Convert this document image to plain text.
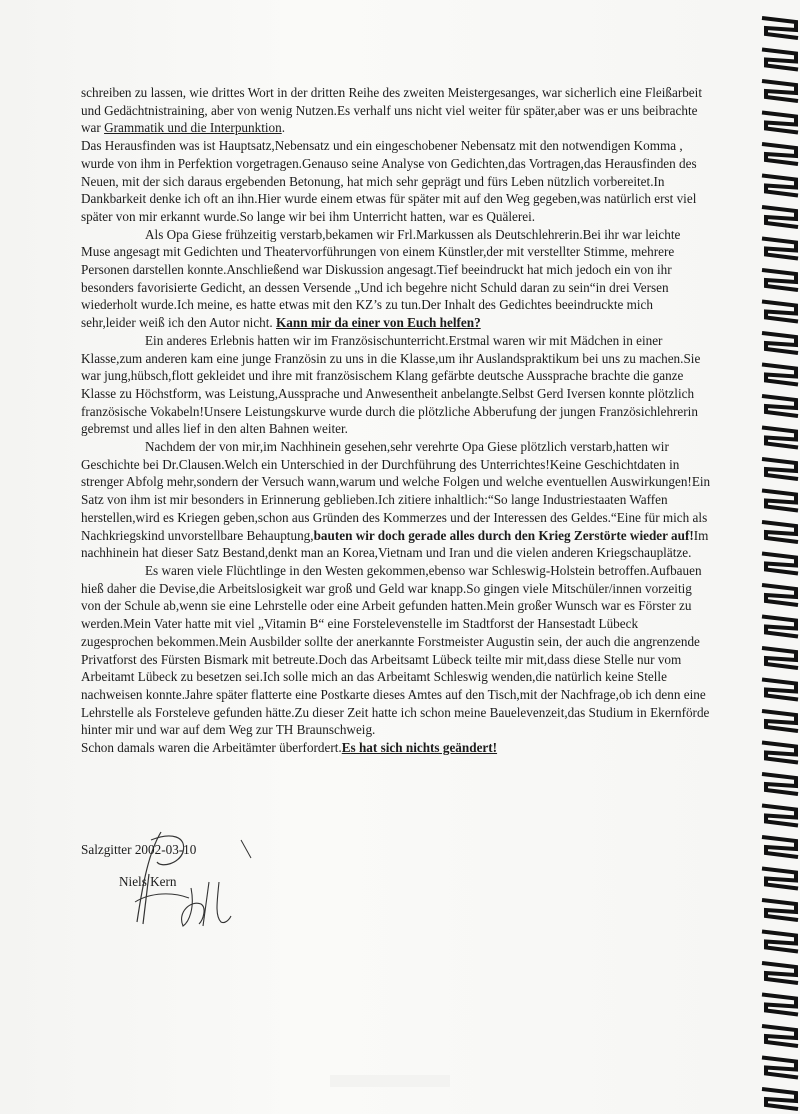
schreiben zu lassen, wie drittes Wort in der dritten Reihe des zweiten Meistergesanges, war sicherlich eine Fleißarbeit und Gedächtnistraining, aber von wenig Nutzen.Es verhalf uns nicht viel weiter für später,aber was er uns beibrachte war Grammatik und die Interpunktion.

Das Herausfinden was ist Hauptsatz,Nebensatz und ein eingeschobener Nebensatz mit den notwendigen Komma , wurde von ihm in Perfektion vorgetragen.Genauso seine Analyse von Gedichten,das Vortragen,das Herausfinden des Neuen, mit der sich daraus ergebenden Betonung, hat mich sehr geprägt und fürs Leben nützlich vorbereitet.In Dankbarkeit denke ich oft an ihn.Hier wurde einem etwas für später mit auf den Weg gegeben,was natürlich erst viel später von mir erkannt wurde.So lange wir bei ihm Unterricht hatten, war es Quälerei.

Als Opa Giese frühzeitig verstarb,bekamen wir Frl.Markussen als Deutschlehrerin.Bei ihr war leichte Muse angesagt mit Gedichten und Theatervorführungen von einem Künstler,der mit verstellter Stimme, mehrere Personen darstellen konnte.Anschließend war Diskussion angesagt.Tief beeindruckt hat mich jedoch ein von ihr besonders favorisierte Gedicht, an dessen Versende „Und ich begehre nicht Schuld daran zu sein“in drei Versen wiederholt wurde.Ich meine, es hatte etwas mit den KZ’s zu tun.Der Inhalt des Gedichtes beeindruckte mich sehr,leider weiß ich den Autor nicht. Kann mir da einer von Euch helfen?

Ein anderes Erlebnis hatten wir im Französischunterricht.Erstmal waren wir mit Mädchen in einer Klasse,zum anderen kam eine junge Französin zu uns in die Klasse,um ihr Auslandspraktikum bei uns zu machen.Sie war jung,hübsch,flott gekleidet und ihre mit französischem Klang gefärbte deutsche Aussprache brachte die ganze Klasse zu Höchstform, was Leistung,Aussprache und Anwesentheit anbelangte.Selbst Gerd Iversen konnte plötzlich französische Vokabeln!Unsere Leistungskurve wurde durch die plötzliche Abberufung der jungen Französichlehrerin gebremst und alles lief in den alten Bahnen weiter.

Nachdem der von mir,im Nachhinein gesehen,sehr verehrte Opa Giese plötzlich verstarb,hatten wir Geschichte bei Dr.Clausen.Welch ein Unterschied in der Durchführung des Unterrichtes!Keine Geschichtdaten in strenger Abfolg mehr,sondern der Versuch wann,warum und welche Folgen und welche eventuellen Auswirkungen!Ein Satz von ihm ist mir besonders in Erinnerung geblieben.Ich zitiere inhaltlich:“So lange Industriestaaten Waffen herstellen,wird es Kriegen geben,schon aus Gründen des Kommerzes und der Interessen des Geldes.“Eine für mich als Nachkriegskind unvorstellbare Behauptung,bauten wir doch gerade alles durch den Krieg Zerstörte wieder auf!Im nachhinein hat dieser Satz Bestand,denkt man an Korea,Vietnam und Iran und die vielen anderen Kriegschauplätze.

Es waren viele Flüchtlinge in den Westen gekommen,ebenso war Schleswig-Holstein betroffen.Aufbauen hieß daher die Devise,die Arbeitslosigkeit war groß und Geld war knapp.So gingen viele Mitschüler/innen vorzeitig von der Schule ab,wenn sie eine Lehrstelle oder eine Arbeit gefunden hatten.Mein großer Wunsch war es Förster zu werden.Mein Vater hatte mit viel „Vitamin B“ eine Forstelevenstelle im Stadtforst der Hansestadt Lübeck zugesprochen bekommen.Mein Ausbilder sollte der anerkannte Forstmeister Augustin sein, der auch die angrenzende Privatforst des Fürsten Bismark mit betreute.Doch das Arbeitsamt Lübeck teilte mir mit,dass diese Stelle nur vom Arbeitamt Lübeck zu besetzen sei.Ich solle mich an das Arbeitamt Schleswig wenden,die natürlich keine Stelle nachweisen konnte.Jahre später flatterte eine Postkarte dieses Amtes auf den Tisch,mit der Nachfrage,ob ich denn eine Lehrstelle als Forsteleve gefunden hätte.Zu dieser Zeit hatte ich schon meine Bauelevenzeit,das Studium in Ekernförde hinter mir und war auf dem Weg zur TH Braunschweig.

Schon damals waren die Arbeitämter überfordert.Es hat sich nichts geändert!

Salzgitter 2002-03-10
Niels Kern
